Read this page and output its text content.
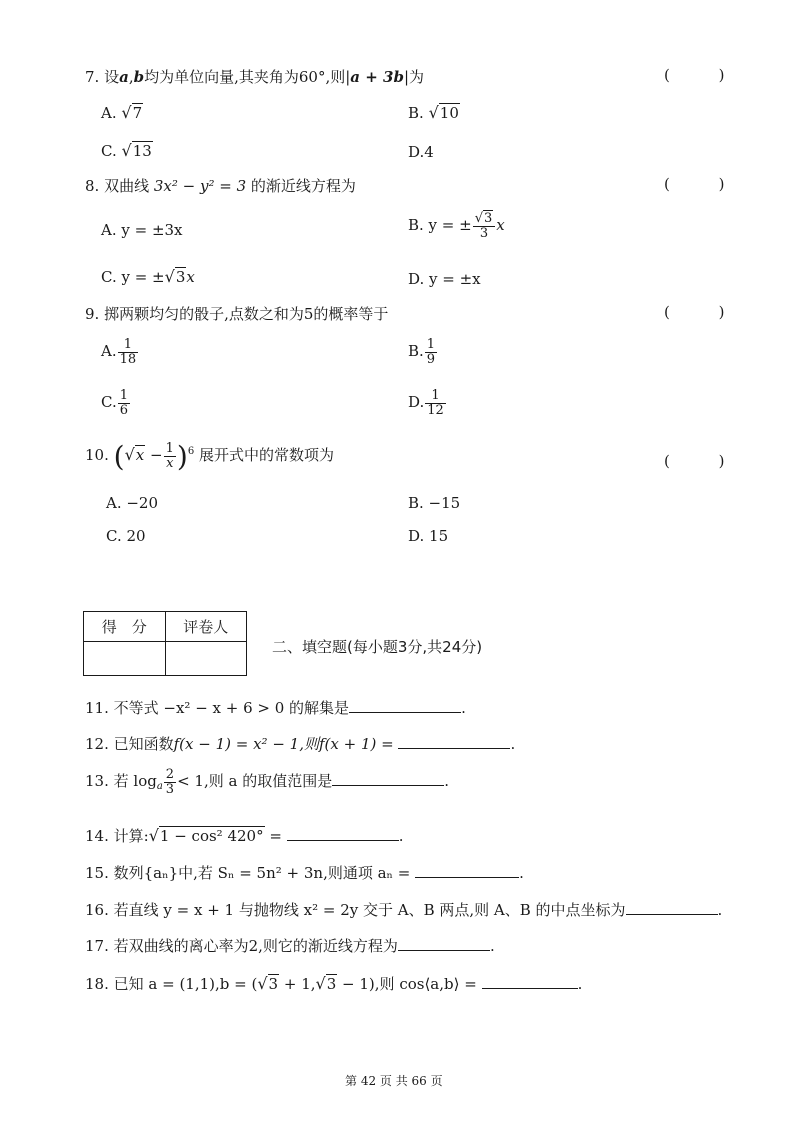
7. 设a,b均为单位向量,其夹角为60°,则|a + 3b|为	( )
A. √7	B. √10
C. √13	D.4
8. 双曲线 3x² − y² = 3 的渐近线方程为	( )
A. y = ±3x	B. y = ± $\frac{√3}{3}$ x
C. y = ±√3x	D. y = ±x
9. 掷两颗均匀的骰子,点数之和为5的概率等于	( )
A. $\frac{1}{18}$	B. $\frac{1}{9}$
C. $\frac{1}{6}$	D. $\frac{1}{12}$
10. $(√x - \frac{1}{x} )^6$ 展开式中的常数项为	( )
A. −20	B. −15
C. 20	D. 15
得　分	评卷人

二、填空题(每小题3分,共24分)
11. 不等式 −x² − x + 6 > 0 的解集是	.
12. 已知函数f(x − 1) = x² − 1,则f(x + 1) =	.
13. 若 $\log_a \frac{2}{3} < 1$,则 a 的取值范围是	.
14. 计算:√1 − cos² 420° =	.
15. 数列{aₙ}中,若 Sₙ = 5n² + 3n,则通项 aₙ =	.
16. 若直线 y = x + 1 与抛物线 x² = 2y 交于 A、B 两点,则 A、B 的中点坐标为	.
17. 若双曲线的离心率为2,则它的渐近线方程为	.
18. 已知 a = (1,1),b = (√3 + 1,√3 − 1),则 cos⟨a,b⟩ =	.
第 42 页 共 66 页
